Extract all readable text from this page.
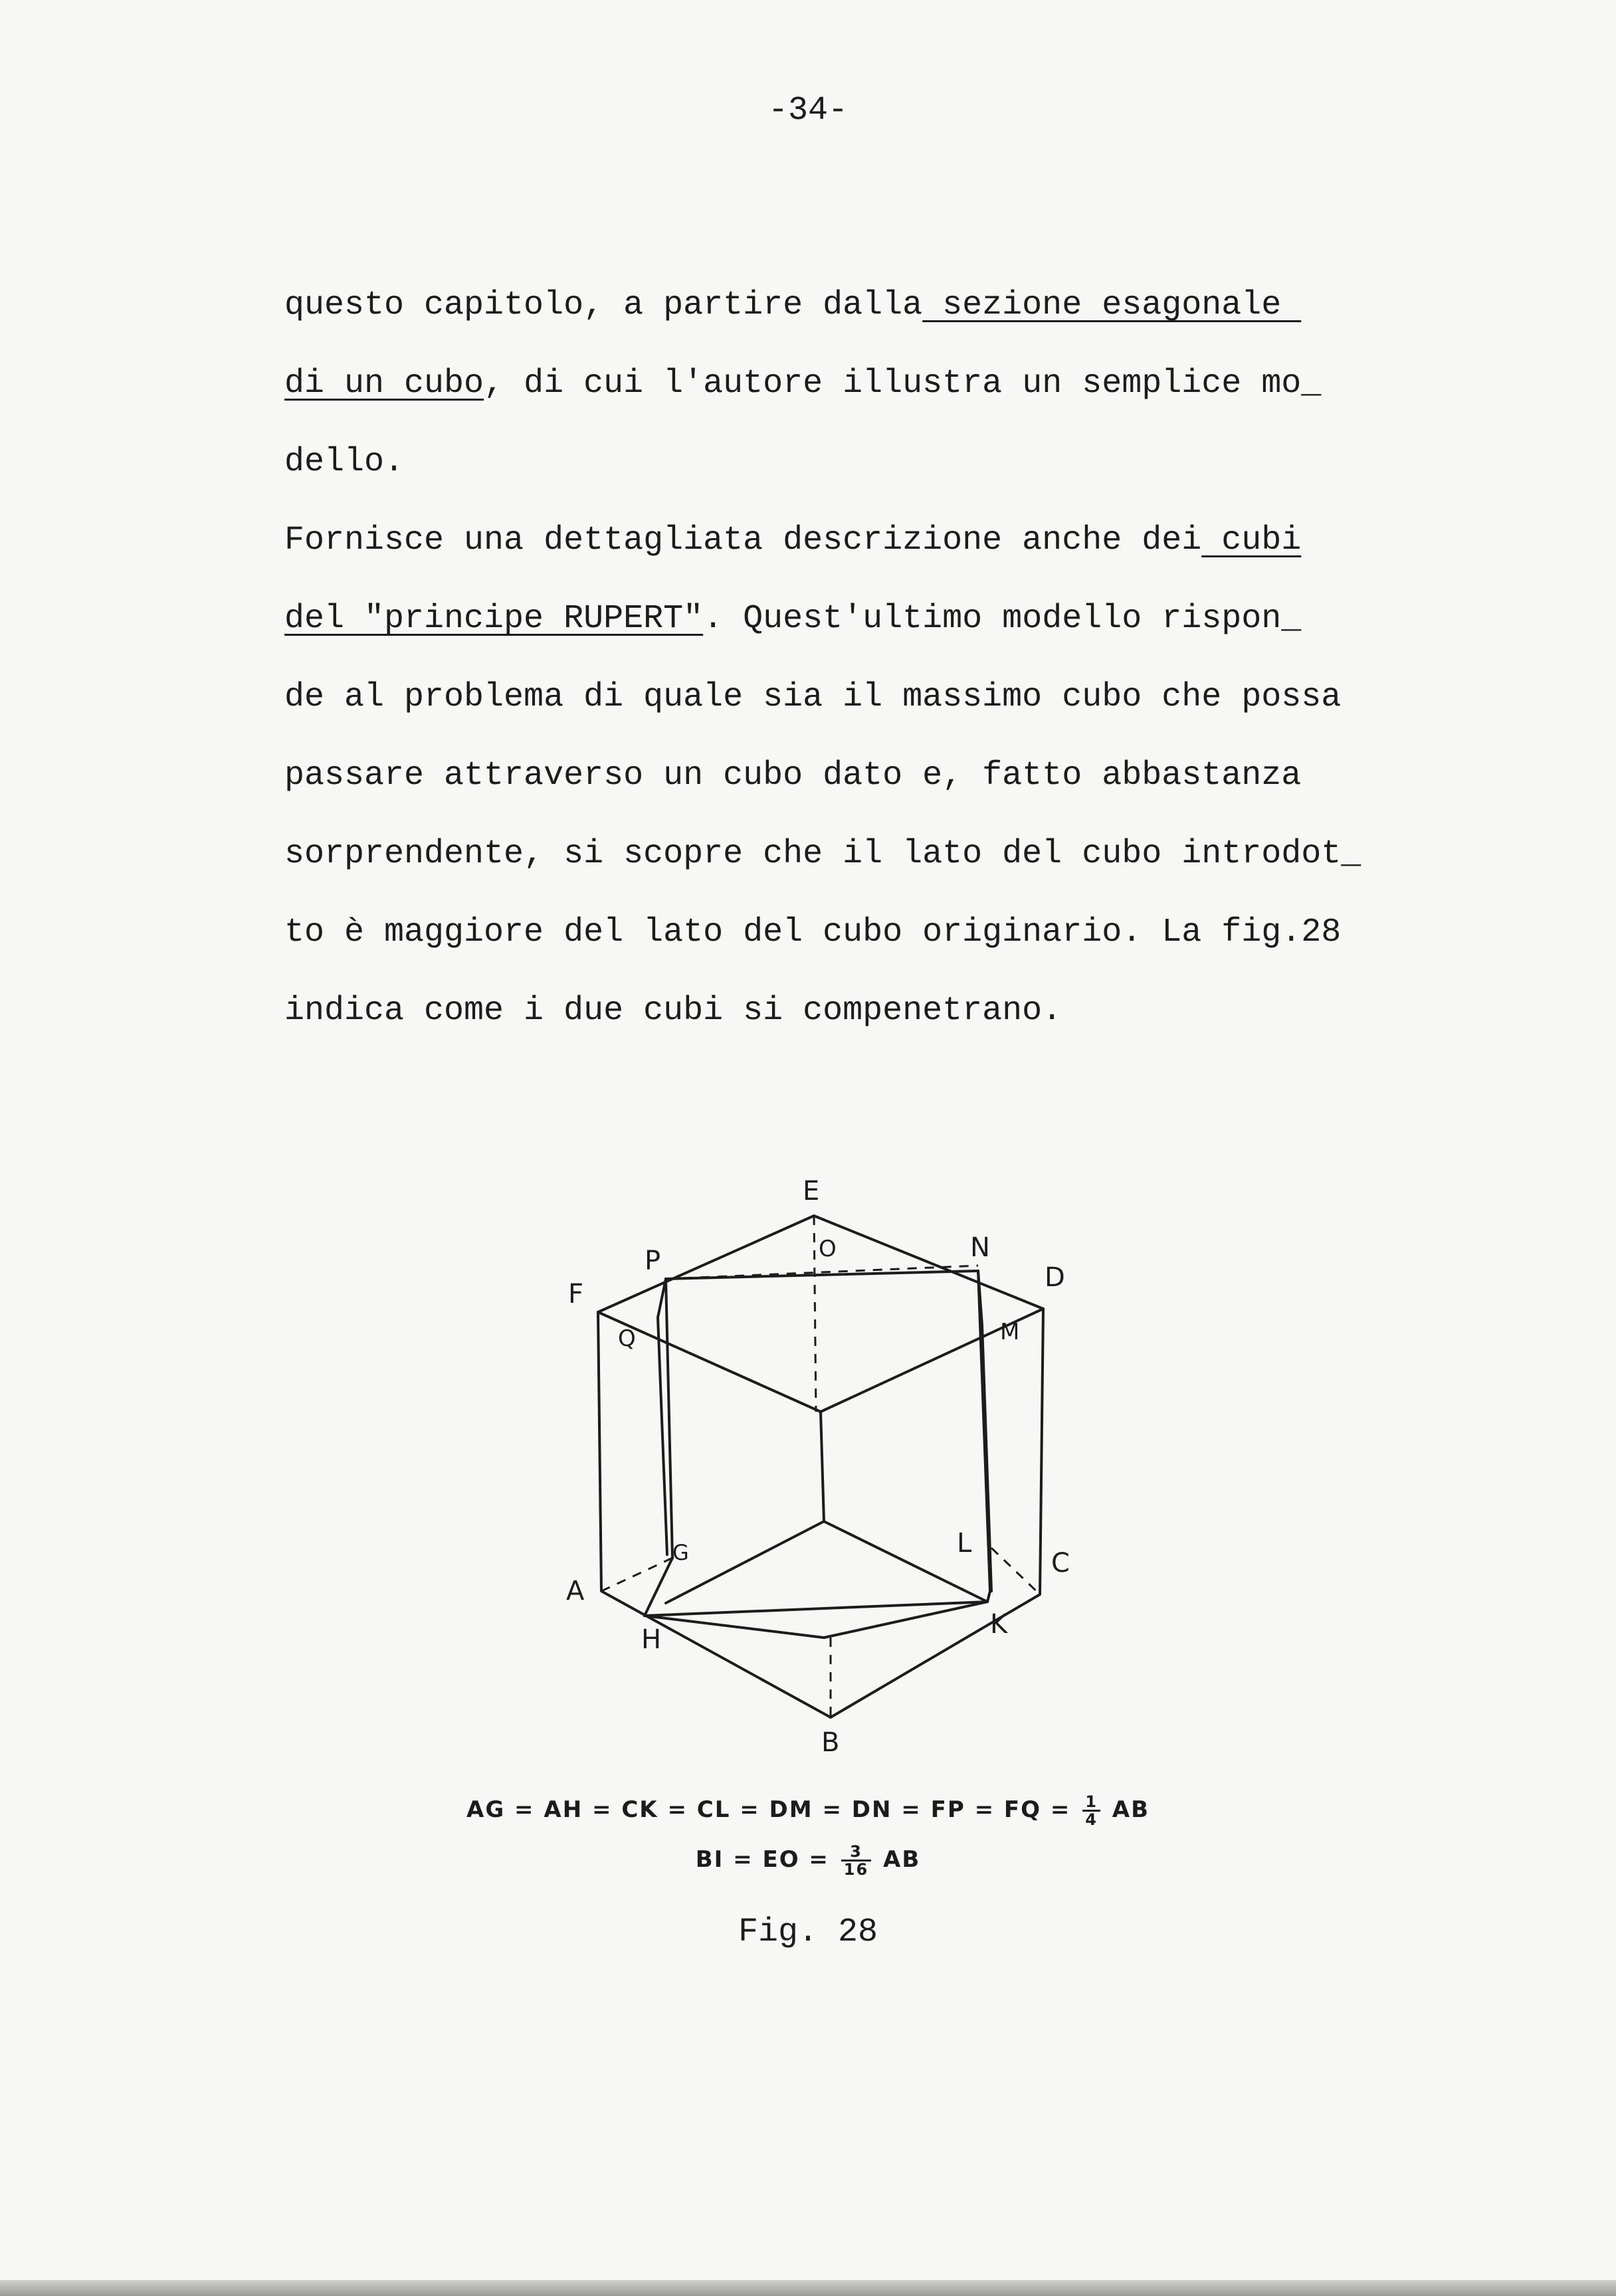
-34-
questo capitolo, a partire dalla sezione esagonale
di un cubo, di cui l'autore illustra un semplice mo_
dello.
Fornisce una dettagliata descrizione anche dei cubi
del "principe RUPERT". Quest'ultimo modello rispon_
de al problema di quale sia il massimo cubo che possa
passare attraverso un cubo dato e, fatto abbastanza
sorprendente, si scopre che il lato del cubo introdot_
to è maggiore del lato del cubo originario. La fig.28
indica come i due cubi si compenetrano.
E
O
P	N
D
F
Q	M
G	L
C
A
H	K
B
AG = AH = CK = CL = DM = DN = FP = FQ = $\frac{1}{4}$ AB
BI = EO = $\frac{3}{16}$ AB
Fig. 28
